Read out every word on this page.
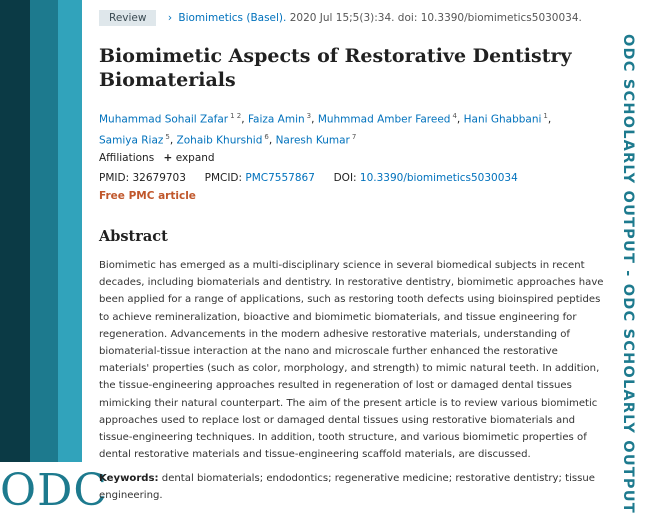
ODC	ODC SCHOLARLY OUTPUT - ODC SCHOLARLY OUTPUT
Review › Biomimetics (Basel). 2020 Jul 15;5(3):34. doi: 10.3390/biomimetics5030034.
Biomimetic Aspects of Restorative Dentistry Biomaterials
Muhammad Sohail Zafar $^{1 2}$, Faiza Amin $^3$, Muhmmad Amber Fareed $^4$, Hani Ghabbani $^1$,
Samiya Riaz $^5$, Zohaib Khurshid $^6$, Naresh Kumar $^7$
Affiliations + expand
PMID: 32679703 PMCID: PMC7557867 DOI: 10.3390/biomimetics5030034
Free PMC article
Abstract

Biomimetic has emerged as a multi-disciplinary science in several biomedical subjects in recent decades, including biomaterials and dentistry. In restorative dentistry, biomimetic approaches have been applied for a range of applications, such as restoring tooth defects using bioinspired peptides to achieve remineralization, bioactive and biomimetic biomaterials, and tissue engineering for regeneration. Advancements in the modern adhesive restorative materials, understanding of biomaterial-tissue interaction at the nano and microscale further enhanced the restorative materials' properties (such as color, morphology, and strength) to mimic natural teeth. In addition, the tissue-engineering approaches resulted in regeneration of lost or damaged dental tissues mimicking their natural counterpart. The aim of the present article is to review various biomimetic approaches used to replace lost or damaged dental tissues using restorative biomaterials and tissue-engineering techniques. In addition, tooth structure, and various biomimetic properties of dental restorative materials and tissue-engineering scaffold materials, are discussed.

Keywords: dental biomaterials; endodontics; regenerative medicine; restorative dentistry; tissue engineering.
